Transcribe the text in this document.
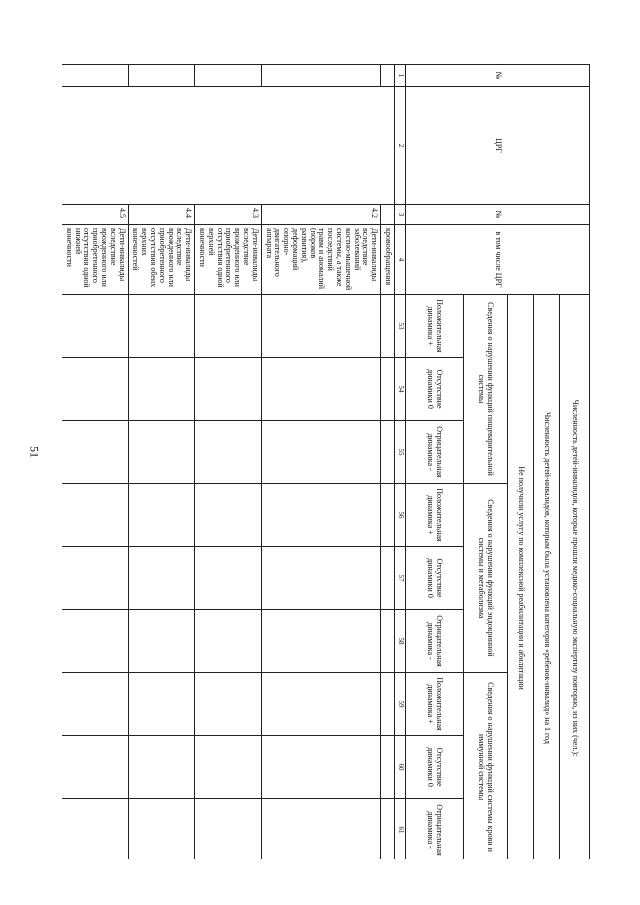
51
№	ЦРГ	№	в том числе ЦРГ	Численность детей-инвалидов, которые прошли медико-социальную экспертизу повторно, из них (чел.):								
				Численность детей-инвалидов, которым была установлена категория «ребенок-инвалид» на 1 год								
				Не получили услугу по комплексной реабилитации и абилитации								
				Сведения о нарушении функций пищеварительной системы			Сведения о нарушении функций эндокринной системы и метаболизма			Сведения о нарушении функций системы крови и иммунной системы		
				Положительная динамика +	Отсутствие динамики 0	Отрицательная динамика -	Положительная динамика +	Отсутствие динамики 0	Отрицательная динамика -	Положительная динамика +	Отсутствие динамики 0	Отрицательная динамика -
1	2	3	4	53	54	55	56	57	58	59	60	61
			кровообращения									
		4.2	Дети-инвалиды вследствие заболеваний костно-мышечной системы, а также последствий травм и аномалий (пороков развития), деформаций опорно-двигательного аппарата									
		4.3	Дети-инвалиды вследствие врожденного или приобретенного отсутствия одной верхней конечности									
		4.4	Дети-инвалиды вследствие врожденного или приобретенного отсутствия обеих верхних конечностей									
		4.5	Дети-инвалиды вследствие врожденного или приобретенного отсутствия одной нижней конечности									
